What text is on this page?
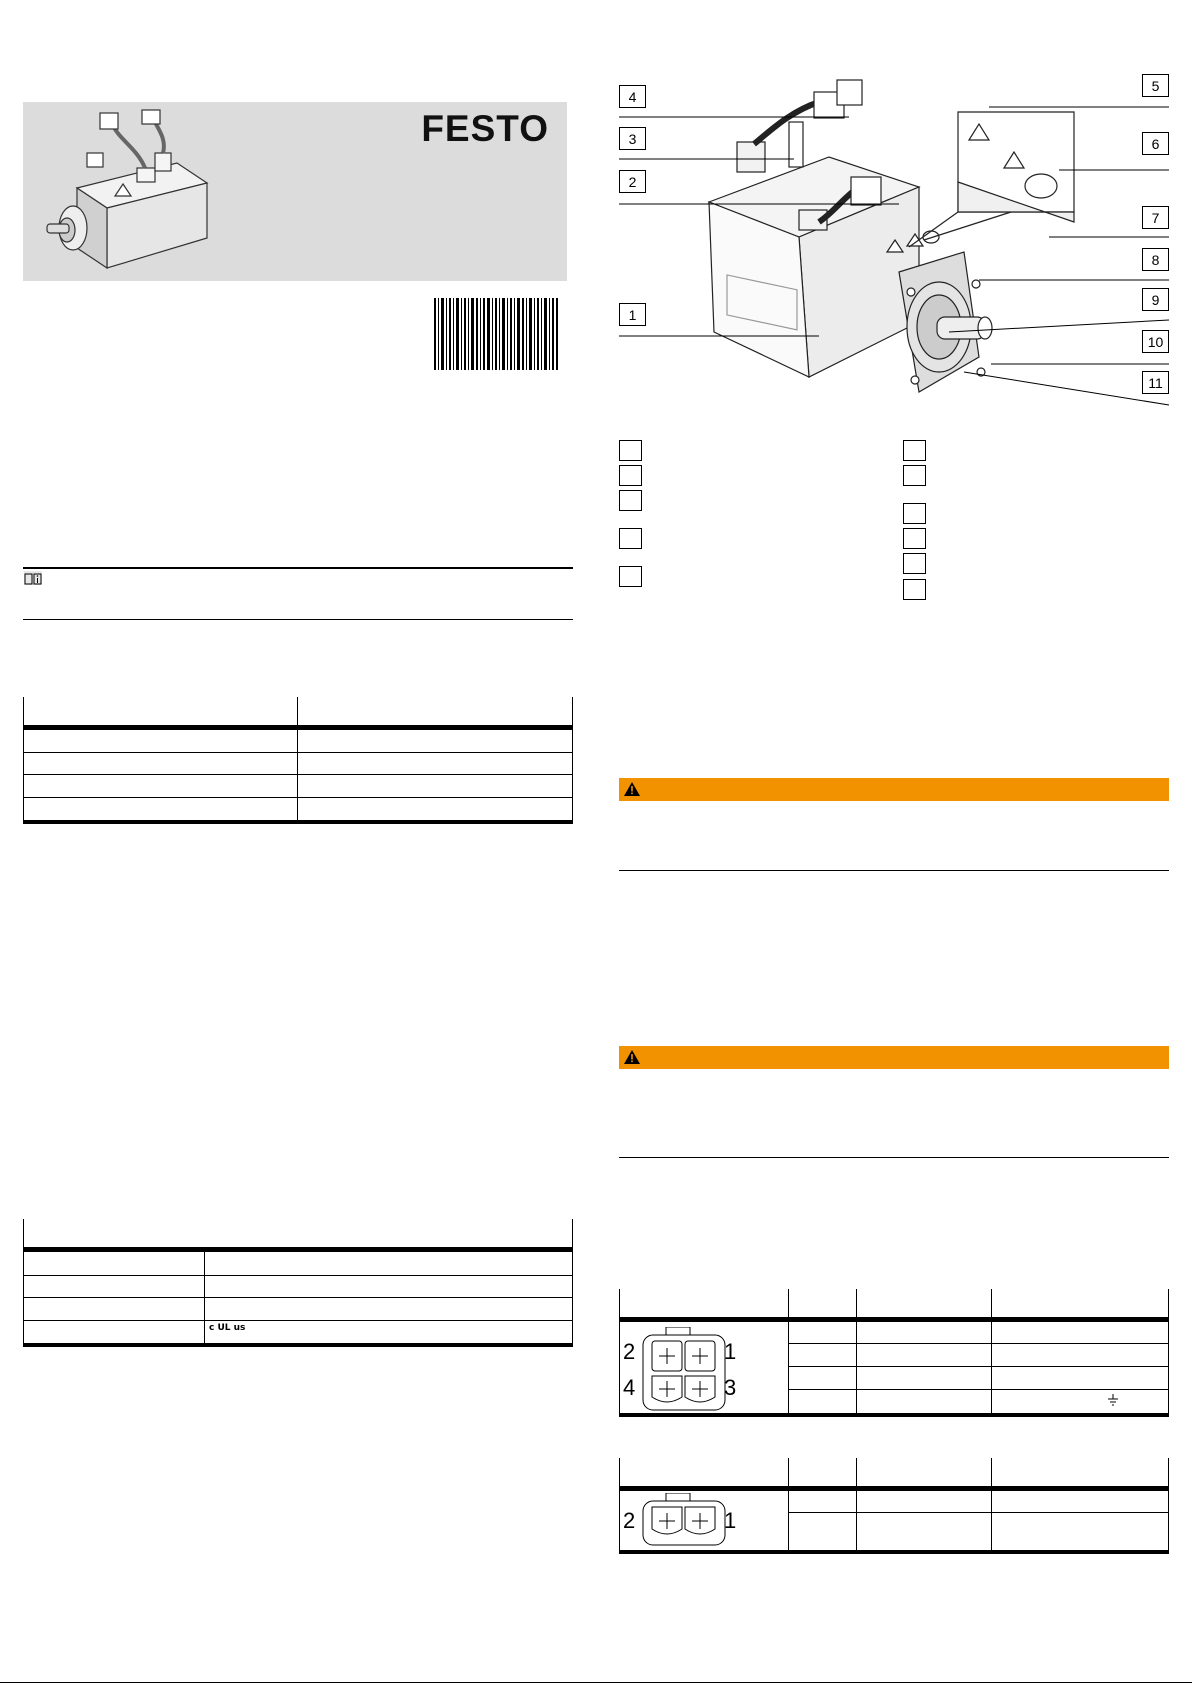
FESTO
c UL us
4
3
2
1
5
6
7
8
9
10
11
2	1
4	3
2	1
